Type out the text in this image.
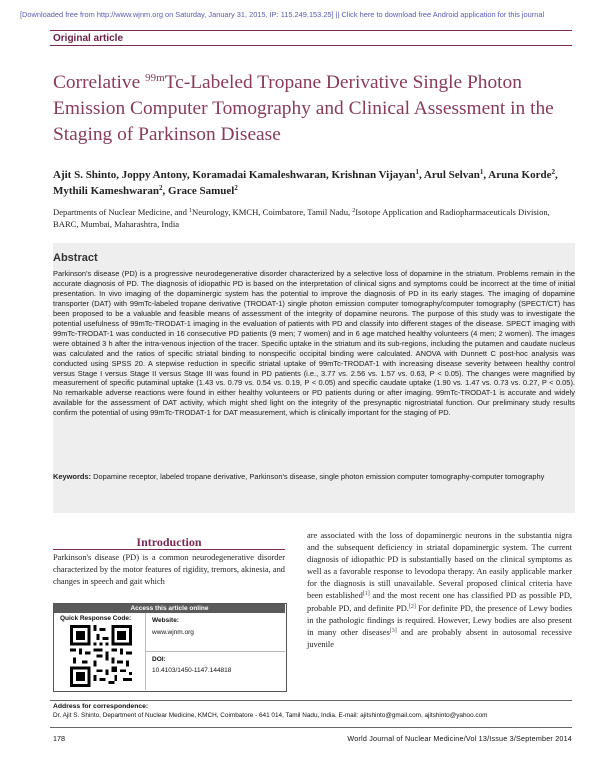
[Downloaded free from http://www.wjnm.org on Saturday, January 31, 2015, IP: 115.249.153.25] || Click here to download free Android application for this journal
Original article
Correlative $^{99m}$Tc-Labeled Tropane Derivative Single Photon Emission Computer Tomography and Clinical Assessment in the Staging of Parkinson Disease
Ajit S. Shinto, Joppy Antony, Koramadai Kamaleshwaran, Krishnan Vijayan$^1$, Arul Selvan$^1$, Aruna Korde$^2$, Mythili Kameshwaran$^2$, Grace Samuel$^2$
Departments of Nuclear Medicine, and $^1$Neurology, KMCH, Coimbatore, Tamil Nadu, $^2$Isotope Application and Radiopharmaceuticals Division, BARC, Mumbai, Maharashtra, India
Abstract
Parkinson's disease (PD) is a progressive neurodegenerative disorder characterized by a selective loss of dopamine in the striatum. Problems remain in the accurate diagnosis of PD. The diagnosis of idiopathic PD is based on the interpretation of clinical signs and symptoms could be incorrect at the time of initial presentation. In vivo imaging of the dopaminergic system has the potential to improve the diagnosis of PD in its early stages. The imaging of dopamine transporter (DAT) with 99mTc-labeled tropane derivative (TRODAT-1) single photon emission computer tomography/computer tomography (SPECT/CT) has been proposed to be a valuable and feasible means of assessment of the integrity of dopamine neurons. The purpose of this study was to investigate the potential usefulness of 99mTc-TRODAT-1 imaging in the evaluation of patients with PD and classify into different stages of the disease. SPECT imaging with 99mTc-TRODAT-1 was conducted in 16 consecutive PD patients (9 men; 7 women) and in 6 age matched healthy volunteers (4 men; 2 women). The images were obtained 3 h after the intra-venous injection of the tracer. Specific uptake in the striatum and its sub-regions, including the putamen and caudate nucleus was calculated and the ratios of specific striatal binding to nonspecific occipital binding were calculated. ANOVA with Dunnett C post-hoc analysis was conducted using SPSS 20. A stepwise reduction in specific striatal uptake of 99mTc-TRODAT-1 with increasing disease severity between healthy control versus Stage I versus Stage II versus Stage III was found in PD patients (i.e., 3.77 vs. 2.56 vs. 1.57 vs. 0.63, P < 0.05). The changes were magnified by measurement of specific putaminal uptake (1.43 vs. 0.79 vs. 0.54 vs. 0.19, P < 0.05) and specific caudate uptake (1.90 vs. 1.47 vs. 0.73 vs. 0.27, P < 0.05). No remarkable adverse reactions were found in either healthy volunteers or PD patients during or after imaging. 99mTc-TRODAT-1 is accurate and widely available for the assessment of DAT activity, which might shed light on the integrity of the presynaptic nigrostriatal function. Our preliminary study results confirm the potential of using 99mTc-TRODAT-1 for DAT measurement, which is clinically important for the staging of PD.
Keywords: Dopamine receptor, labeled tropane derivative, Parkinson's disease, single photon emission computer tomography-computer tomography
Introduction
Parkinson's disease (PD) is a common neurodegenerative disorder characterized by the motor features of rigidity, tremors, akinesia, and changes in speech and gait which
are associated with the loss of dopaminergic neurons in the substantia nigra and the subsequent deficiency in striatal dopaminergic system. The current diagnosis of idiopathic PD is substantially based on the clinical symptoms as well as a favorable response to levodopa therapy. An easily applicable marker for the diagnosis is still unavailable. Several proposed clinical criteria have been established[1] and the most recent one has classified PD as possible PD, probable PD, and definite PD.[2] For definite PD, the presence of Lewy bodies in the pathologic findings is required. However, Lewy bodies are also present in many other diseases[3] and are probably absent in autosomal recessive juvenile
Access this article online
Quick Response Code:	Website:
www.wjnm.org
DOI:
10.4103/1450-1147.144818
Address for correspondence:
Dr. Ajit S. Shinto, Department of Nuclear Medicine, KMCH, Coimbatore - 641 014, Tamil Nadu, India. E-mail: ajitshinto@gmail.com, ajitshinto@yahoo.com
178	World Journal of Nuclear Medicine/Vol 13/Issue 3/September 2014
